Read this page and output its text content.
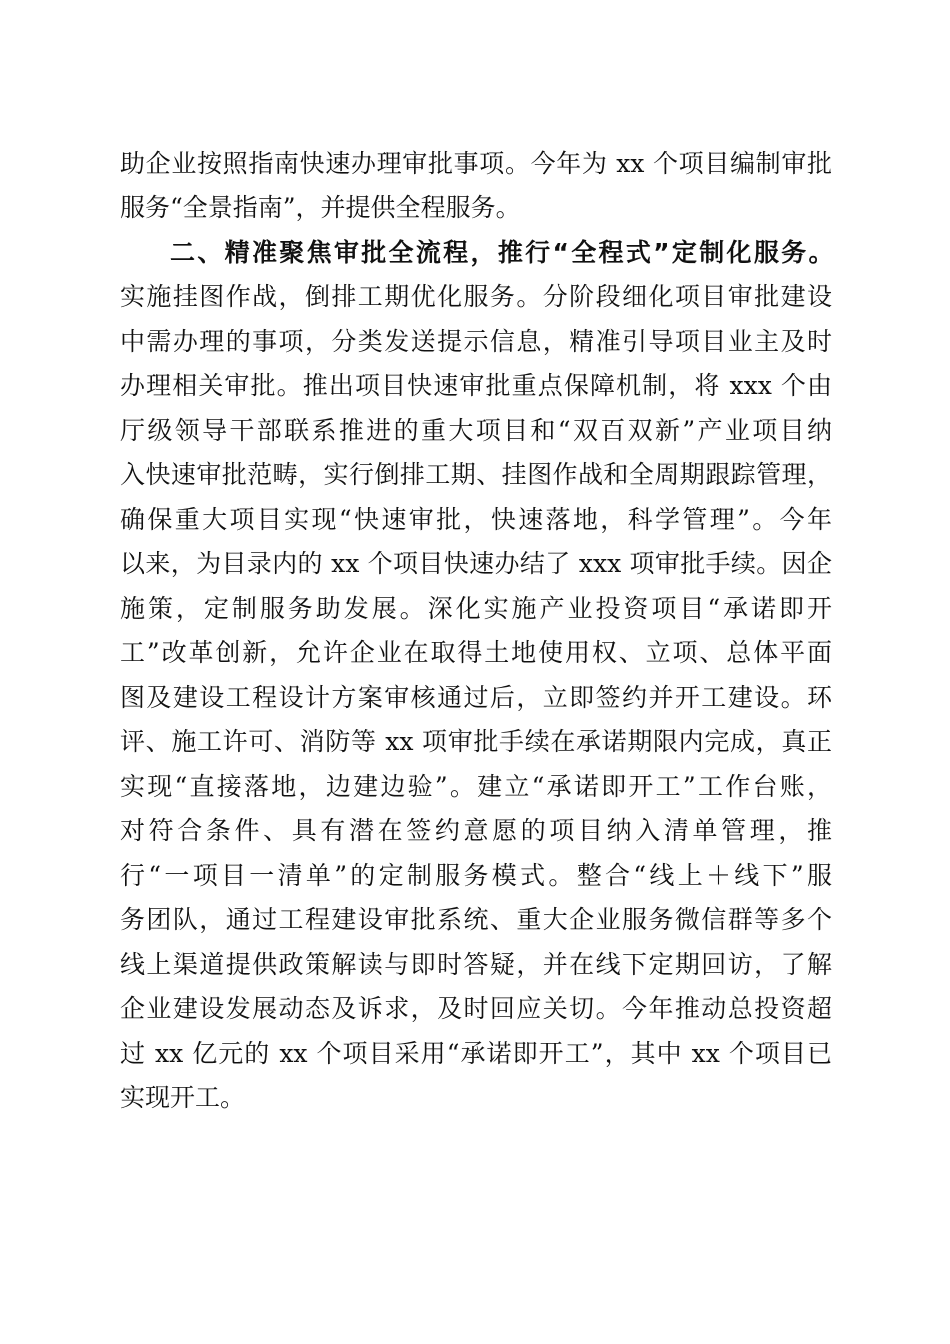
助企业按照指南快速办理审批事项。今年为 xx 个项目编制审批
服务“全景指南”，并提供全程服务。
二、精准聚焦审批全流程，推行“全程式”定制化服务。
实施挂图作战，倒排工期优化服务。分阶段细化项目审批建设
中需办理的事项，分类发送提示信息，精准引导项目业主及时
办理相关审批。推出项目快速审批重点保障机制，将 xxx 个由
厅级领导干部联系推进的重大项目和“双百双新”产业项目纳
入快速审批范畴，实行倒排工期、挂图作战和全周期跟踪管理，
确保重大项目实现“快速审批，快速落地，科学管理”。今年
以来，为目录内的 xx 个项目快速办结了 xxx 项审批手续。因企
施策，定制服务助发展。深化实施产业投资项目“承诺即开
工”改革创新，允许企业在取得土地使用权、立项、总体平面
图及建设工程设计方案审核通过后，立即签约并开工建设。环
评、施工许可、消防等 xx 项审批手续在承诺期限内完成，真正
实现“直接落地，边建边验”。建立“承诺即开工”工作台账，
对符合条件、具有潜在签约意愿的项目纳入清单管理，推
行“一项目一清单”的定制服务模式。整合“线上＋线下”服
务团队，通过工程建设审批系统、重大企业服务微信群等多个
线上渠道提供政策解读与即时答疑，并在线下定期回访，了解
企业建设发展动态及诉求，及时回应关切。今年推动总投资超
过 xx 亿元的 xx 个项目采用“承诺即开工”，其中 xx 个项目已
实现开工。
